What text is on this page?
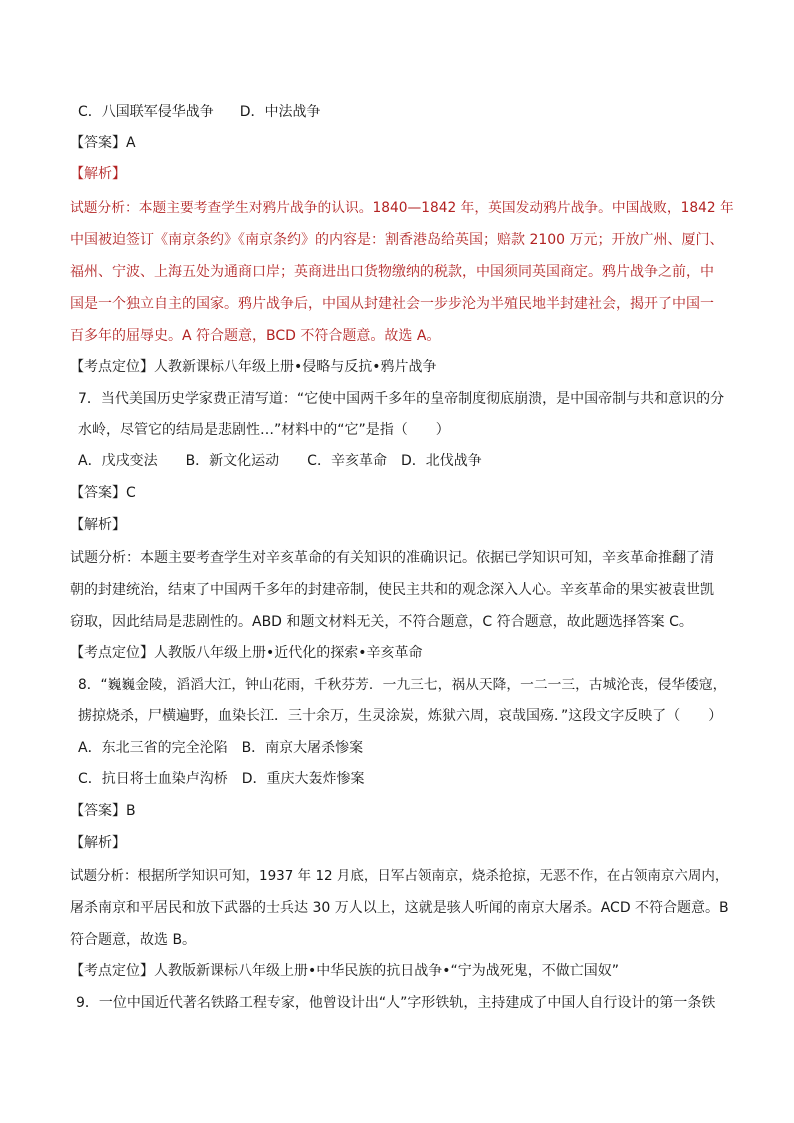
C．八国联军侵华战争 D．中法战争
【答案】A
【解析】
试题分析：本题主要考查学生对鸦片战争的认识。1840—1842 年，英国发动鸦片战争。中国战败，1842 年
中国被迫签订《南京条约》《南京条约》的内容是：割香港岛给英国；赔款 2100 万元；开放广州、厦门、
福州、宁波、上海五处为通商口岸；英商进出口货物缴纳的税款，中国须同英国商定。鸦片战争之前，中
国是一个独立自主的国家。鸦片战争后，中国从封建社会一步步沦为半殖民地半封建社会，揭开了中国一
百多年的屈辱史。A 符合题意，BCD 不符合题意。故选 A。
【考点定位】人教新课标八年级上册•侵略与反抗•鸦片战争
7．当代美国历史学家费正清写道：“它使中国两千多年的皇帝制度彻底崩溃，是中国帝制与共和意识的分
水岭，尽管它的结局是悲剧性…”材料中的“它”是指（　　）
A．戊戌变法　　B．新文化运动　　C．辛亥革命　D．北伐战争
【答案】C
【解析】
试题分析：本题主要考查学生对辛亥革命的有关知识的准确识记。依据已学知识可知，辛亥革命推翻了清
朝的封建统治，结束了中国两千多年的封建帝制，使民主共和的观念深入人心。辛亥革命的果实被袁世凯
窃取，因此结局是悲剧性的。ABD 和题文材料无关，不符合题意，C 符合题意，故此题选择答案 C。
【考点定位】人教版八年级上册•近代化的探索•辛亥革命
8．“巍巍金陵，滔滔大江，钟山花雨，千秋芬芳．一九三七，祸从天降，一二一三，古城沦丧，侵华倭寇，
掳掠烧杀，尸横遍野，血染长江．三十余万，生灵涂炭，炼狱六周，哀哉国殇．”这段文字反映了（　　）
A．东北三省的完全沦陷　B．南京大屠杀惨案
C．抗日将士血染卢沟桥　D．重庆大轰炸惨案
【答案】B
【解析】
试题分析：根据所学知识可知，1937 年 12 月底，日军占领南京，烧杀抢掠，无恶不作，在占领南京六周内，
屠杀南京和平居民和放下武器的士兵达 30 万人以上，这就是骇人听闻的南京大屠杀。ACD 不符合题意。B
符合题意，故选 B。
【考点定位】人教版新课标八年级上册•中华民族的抗日战争•“宁为战死鬼，不做亡国奴”
9．一位中国近代著名铁路工程专家，他曾设计出“人”字形铁轨，主持建成了中国人自行设计的第一条铁
